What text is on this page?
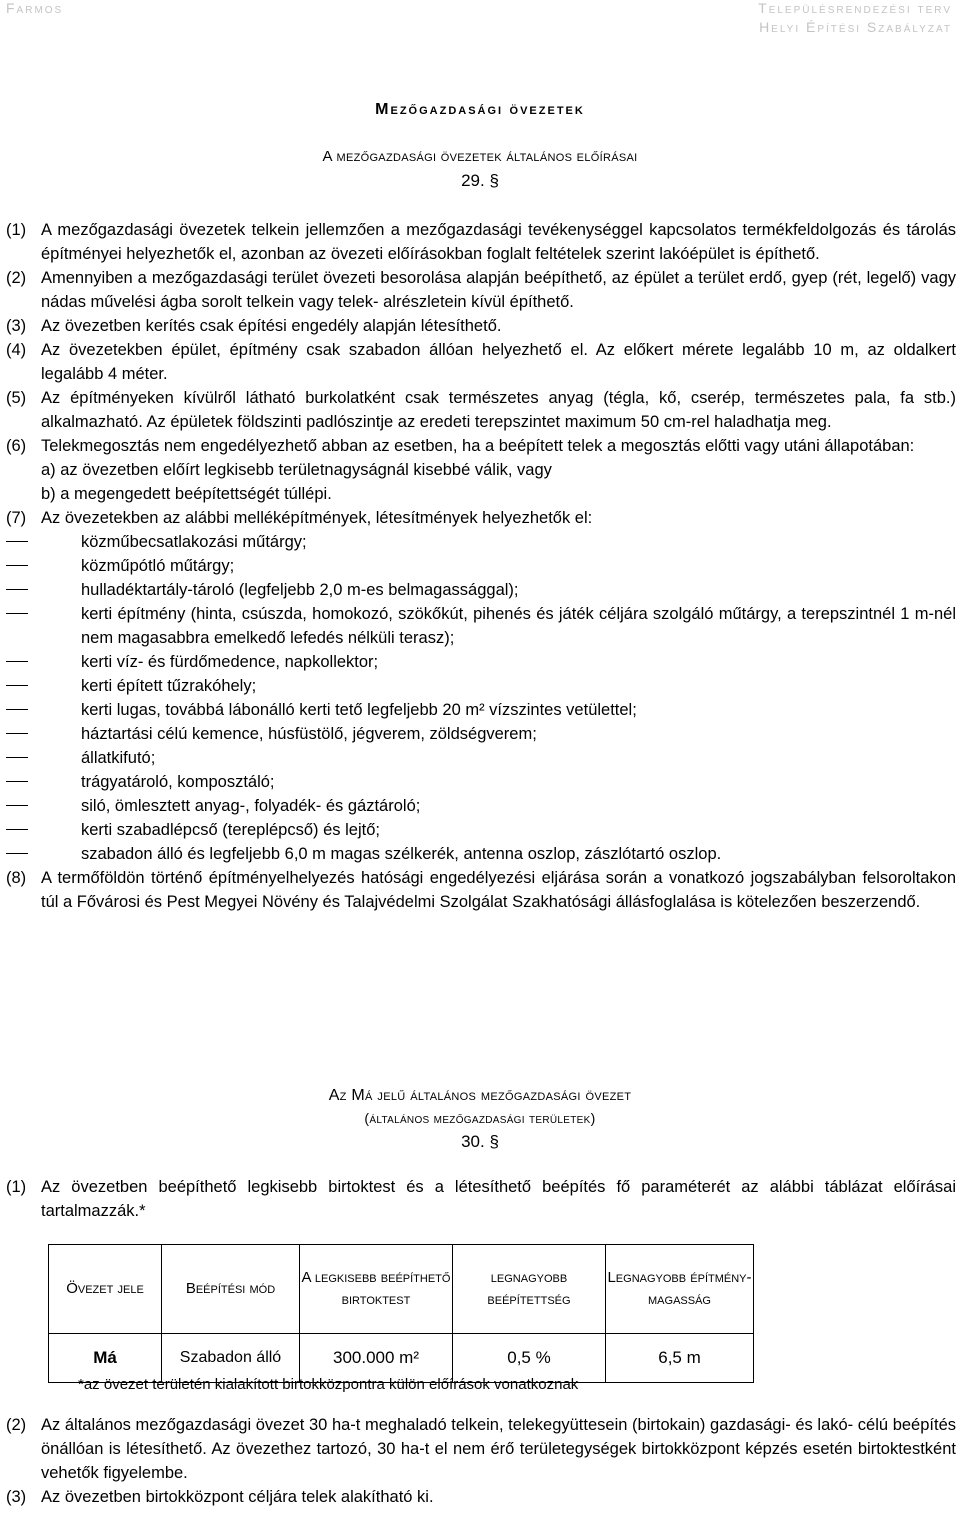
Farmos	Településrendezési terv
Helyi Építési Szabályzat
Mezőgazdasági övezetek
A mezőgazdasági övezetek általános előírásai
29. §

(1) A mezőgazdasági övezetek telkein jellemzően a mezőgazdasági tevékenységgel kapcsolatos termékfeldolgozás és tárolás építményei helyezhetők el, azonban az övezeti előírásokban foglalt feltételek szerint lakóépület is építhető.

(2) Amennyiben a mezőgazdasági terület övezeti besorolása alapján beépíthető, az épület a terület erdő, gyep (rét, legelő) vagy nádas művelési ágba sorolt telkein vagy telek- alrészletein kívül építhető.

(3) Az övezetben kerítés csak építési engedély alapján létesíthető.

(4) Az övezetekben épület, építmény csak szabadon állóan helyezhető el. Az előkert mérete legalább 10 m, az oldalkert legalább 4 méter.

(5) Az építményeken kívülről látható burkolatként csak természetes anyag (tégla, kő, cserép, természetes pala, fa stb.) alkalmazható. Az épületek földszinti padlószintje az eredeti terepszintet maximum 50 cm-rel haladhatja meg.

(6) Telekmegosztás nem engedélyezhető abban az esetben, ha a beépített telek a megosztás előtti vagy utáni állapotában:
a) az övezetben előírt legkisebb területnagyságnál kisebbé válik, vagy
b) a megengedett beépítettségét túllépi.
(7) Az övezetekben az alábbi melléképítmények, létesítmények helyezhetők el:
közműbecsatlakozási műtárgy;
közműpótló műtárgy;
hulladéktartály-tároló (legfeljebb 2,0 m-es belmagassággal);
kerti építmény (hinta, csúszda, homokozó, szökőkút, pihenés és játék céljára szolgáló műtárgy, a terepszintnél 1 m-nél nem magasabbra emelkedő lefedés nélküli terasz);
kerti víz- és fürdőmedence, napkollektor;
kerti épített tűzrakóhely;
kerti lugas, továbbá lábonálló kerti tető legfeljebb 20 m² vízszintes vetülettel;
háztartási célú kemence, húsfüstölő, jégverem, zöldségverem;
állatkifutó;
trágyatároló, komposztáló;
siló, ömlesztett anyag-, folyadék- és gáztároló;
kerti szabadlépcső (tereplépcső) és lejtő;
szabadon álló és legfeljebb 6,0 m magas szélkerék, antenna oszlop, zászlótartó oszlop.

(8) A termőföldön történő építményelhelyezés hatósági engedélyezési eljárása során a vonatkozó jogszabályban felsoroltakon túl a Fővárosi és Pest Megyei Növény és Talajvédelmi Szolgálat Szakhatósági állásfoglalása is kötelezően beszerzendő.

Az Má jelű általános mezőgazdasági övezet
(általános mezőgazdasági területek)
30. §

(1) Az övezetben beépíthető legkisebb birtoktest és a létesíthető beépítés fő paraméterét az alábbi táblázat előírásai tartalmazzák.*

Övezet jele	Beépítési mód	A legkisebb beépíthető birtoktest	legnagyobb beépítettség	Legnagyobb építmény-magasság
Má	Szabadon álló	300.000 m²	0,5 %	6,5 m
*az övezet területén kialakított birtokközpontra külön előírások vonatkoznak

(2) Az általános mezőgazdasági övezet 30 ha-t meghaladó telkein, telekegyüttesein (birtokain) gazdasági- és lakó- célú beépítés önállóan is létesíthető. Az övezethez tartozó, 30 ha-t el nem érő területegységek birtokközpont képzés esetén birtoktestként vehetők figyelembe.

(3) Az övezetben birtokközpont céljára telek alakítható ki.
